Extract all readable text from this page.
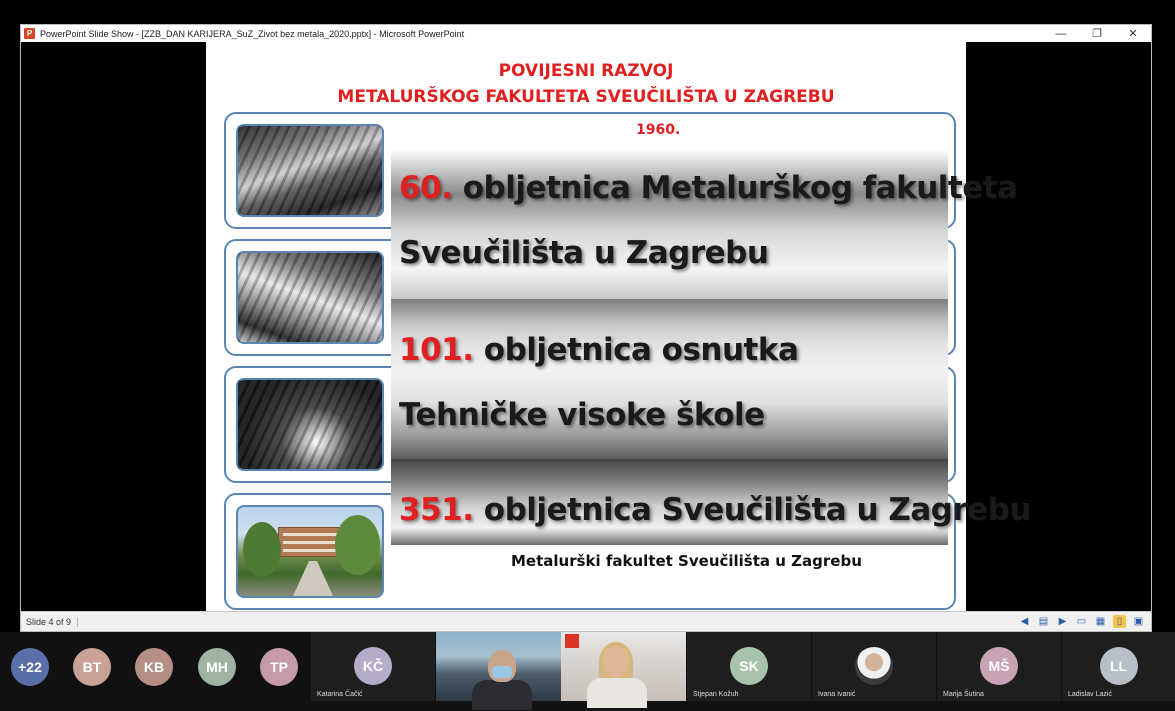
P PowerPoint Slide Show - [ZZB_DAN KARIJERA_SuZ_Zivot bez metala_2020.pptx] - Microsoft PowerPoint	—	❐	✕
POVIJESNI RAZVOJ
METALURŠKOG FAKULTETA SVEUČILIŠTA U ZAGREBU
1960.
Metalurški fakultet Sveučilišta u Zagrebu
60. obljetnica Metalurškog fakulteta
Sveučilišta u Zagrebu
101. obljetnica osnutka
Tehničke visoke škole
351. obljetnica Sveučilišta u Zagrebu
Slide 4 of 9	◀ ▤ ▶ ▭ ▦	▯	▣
+22	BT	KB	MH	TP	KČ
Katarina Čačić
SK
Stjepan Kožuh	Ivana Ivanić
MŠ
Marija Šutina
LL
Ladislav Lazić
